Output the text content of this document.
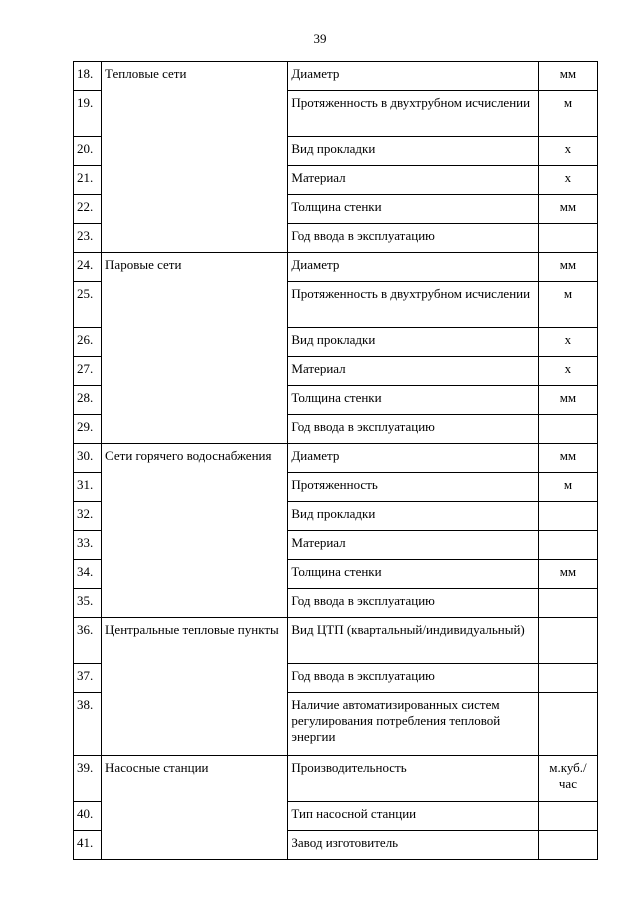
39
18.	Тепловые сети	Диаметр	мм
19.		Протяженность в двухтрубном исчислении	м
20.		Вид прокладки	х
21.		Материал	х
22.		Толщина стенки	мм
23.		Год ввода в эксплуатацию	
24.	Паровые сети	Диаметр	мм
25.		Протяженность в двухтрубном исчислении	м
26.		Вид прокладки	х
27.		Материал	х
28.		Толщина стенки	мм
29.		Год ввода в эксплуатацию	
30.	Сети горячего водоснабжения	Диаметр	мм
31.		Протяженность	м
32.		Вид прокладки	
33.		Материал	
34.		Толщина стенки	мм
35.		Год ввода в эксплуатацию	
36.	Центральные тепловые пункты	Вид ЦТП (квартальный/индивидуальный)	
37.		Год ввода в эксплуатацию	
38.		Наличие автоматизированных систем регулирования потребления тепловой энергии	
39.	Насосные станции	Производительность	м.куб./час
40.		Тип насосной станции	
41.		Завод изготовитель	
